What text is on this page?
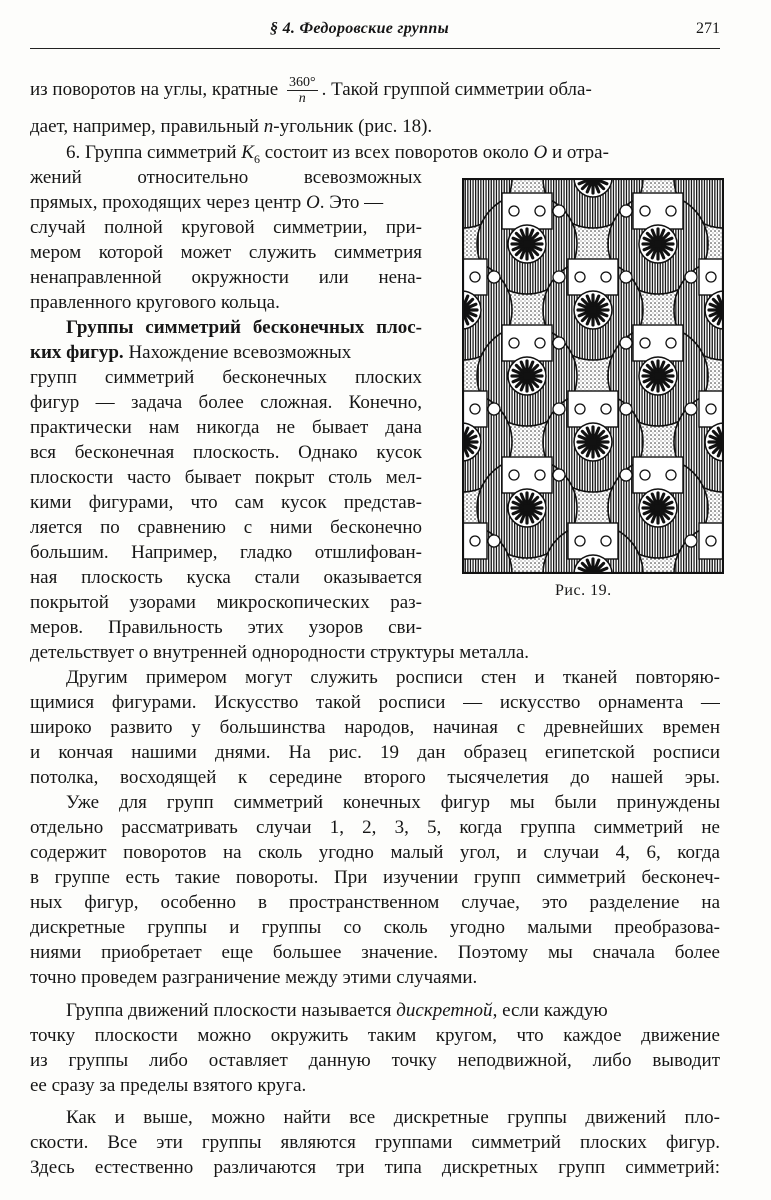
§ 4. Федоровские группы	271
из поворотов на углы, кратные $\frac{360^\circ}{n}$ . Такой группой симметрии обла-
дает, например, правильный n-угольник (рис. 18).
6. Группа симметрий $K_6$ состоит из всех поворотов около O и отра-
жений относительно всевозможных
прямых, проходящих через центр O. Это —
случай полной круговой симметрии, при-
мером которой может служить симметрия
ненаправленной окружности или нена-
правленного кругового кольца.
Группы симметрий бесконечных плос-
ких фигур. Нахождение всевозможных
групп симметрий бесконечных плоских
фигур — задача более сложная. Конечно,
практически нам никогда не бывает дана
вся бесконечная плоскость. Однако кусок
плоскости часто бывает покрыт столь мел-
кими фигурами, что сам кусок представ-
ляется по сравнению с ними бесконечно
большим. Например, гладко отшлифован-
ная плоскость куска стали оказывается
покрытой узорами микроскопических раз-
меров. Правильность этих узоров сви-
детельствует о внутренней однородности структуры металла.
Другим примером могут служить росписи стен и тканей повторяю-
щимися фигурами. Искусство такой росписи — искусство орнамента —
широко развито у большинства народов, начиная с древнейших времен
и кончая нашими днями. На рис. 19 дан образец египетской росписи
потолка, восходящей к середине второго тысячелетия до нашей эры.
Уже для групп симметрий конечных фигур мы были принуждены
отдельно рассматривать случаи 1, 2, 3, 5, когда группа симметрий не
содержит поворотов на сколь угодно малый угол, и случаи 4, 6, когда
в группе есть такие повороты. При изучении групп симметрий бесконеч-
ных фигур, особенно в пространственном случае, это разделение на
дискретные группы и группы со сколь угодно малыми преобразова-
ниями приобретает еще большее значение. Поэтому мы сначала более
точно проведем разграничение между этими случаями.
Группа движений плоскости называется дискретной, если каждую
точку плоскости можно окружить таким кругом, что каждое движение
из группы либо оставляет данную точку неподвижной, либо выводит
ее сразу за пределы взятого круга.
Как и выше, можно найти все дискретные группы движений пло-
скости. Все эти группы являются группами симметрий плоских фигур.
Здесь естественно различаются три типа дискретных групп симметрий:
Рис. 19.
